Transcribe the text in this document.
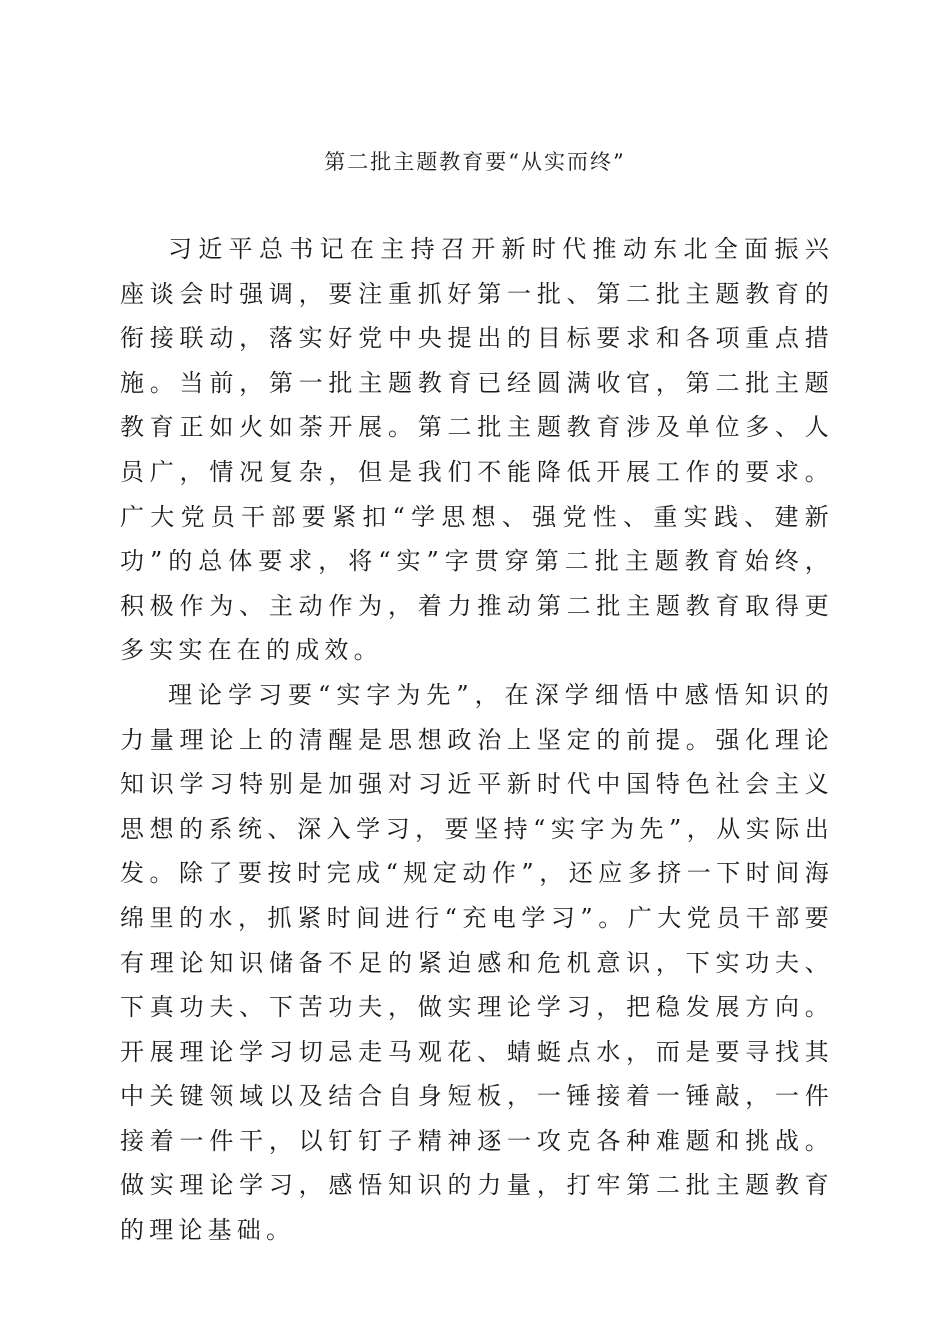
第二批主题教育要“从实而终”

习近平总书记在主持召开新时代推动东北全面振兴座谈会时强调，要注重抓好第一批、第二批主题教育的衔接联动，落实好党中央提出的目标要求和各项重点措施。当前，第一批主题教育已经圆满收官，第二批主题教育正如火如荼开展。第二批主题教育涉及单位多、人员广，情况复杂，但是我们不能降低开展工作的要求。广大党员干部要紧扣“学思想、强党性、重实践、建新功”的总体要求，将“实”字贯穿第二批主题教育始终，积极作为、主动作为，着力推动第二批主题教育取得更多实实在在的成效。

理论学习要“实字为先”，在深学细悟中感悟知识的力量理论上的清醒是思想政治上坚定的前提。强化理论知识学习特别是加强对习近平新时代中国特色社会主义思想的系统、深入学习，要坚持“实字为先”，从实际出发。除了要按时完成“规定动作”，还应多挤一下时间海绵里的水，抓紧时间进行“充电学习”。广大党员干部要有理论知识储备不足的紧迫感和危机意识，下实功夫、下真功夫、下苦功夫，做实理论学习，把稳发展方向。开展理论学习切忌走马观花、蜻蜓点水，而是要寻找其中关键领域以及结合自身短板，一锤接着一锤敲，一件接着一件干，以钉钉子精神逐一攻克各种难题和挑战。做实理论学习，感悟知识的力量，打牢第二批主题教育的理论基础。
